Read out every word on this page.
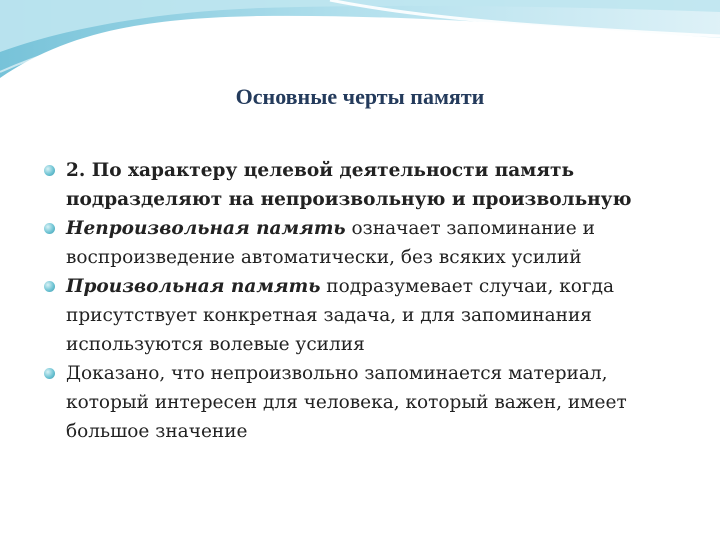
Основные черты памяти
2. По характеру целевой деятельности память подразделяют на непроизвольную и произвольную
Непроизвольная память означает запоминание и воспроизведение автоматически, без всяких усилий
Произвольная память подразумевает случаи, когда присутствует конкретная задача, и для запоминания используются волевые усилия
Доказано, что непроизвольно запоминается материал, который интересен для человека, который важен, имеет большое значение
